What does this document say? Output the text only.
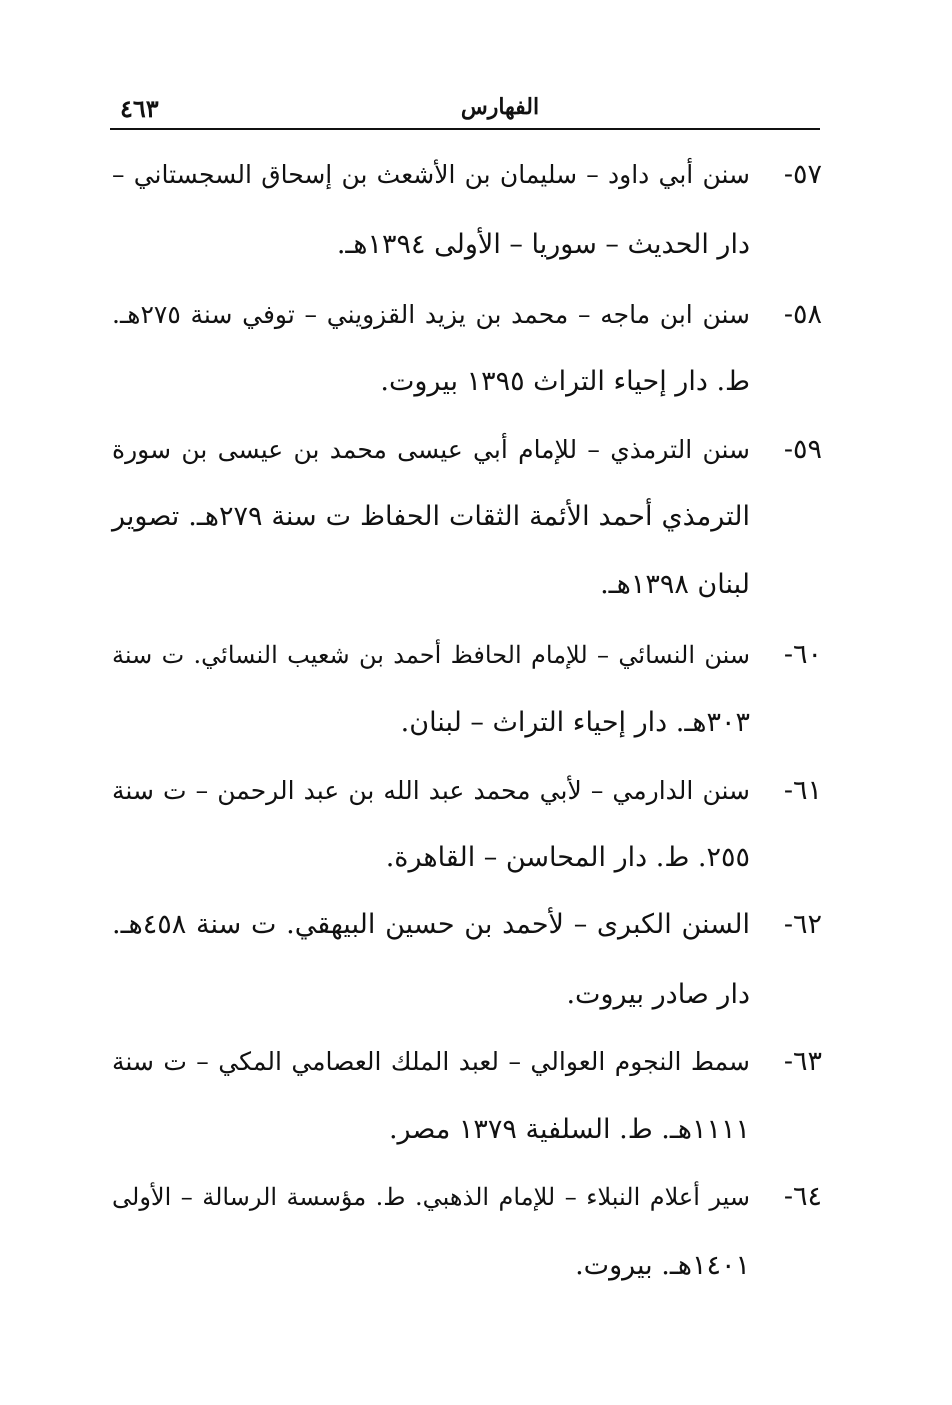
٤٦٣	الفهارس
٥٧-
سنن أبي داود – سليمان بن الأشعث بن إسحاق السجستاني –
دار الحديث – سوريا – الأولى ١٣٩٤هـ.
٥٨-
سنن ابن ماجه – محمد بن يزيد القزويني – توفي سنة ٢٧٥هـ.
ط. دار إحياء التراث ١٣٩٥ بيروت.
٥٩-
سنن الترمذي – للإمام أبي عيسى محمد بن عيسى بن سورة
الترمذي أحمد الأئمة الثقات الحفاظ ت سنة ٢٧٩هـ. تصوير
لبنان ١٣٩٨هـ.
٦٠-
سنن النسائي – للإمام الحافظ أحمد بن شعيب النسائي. ت سنة
٣٠٣هـ. دار إحياء التراث – لبنان.
٦١-
سنن الدارمي – لأبي محمد عبد الله بن عبد الرحمن – ت سنة
٢٥٥. ط. دار المحاسن – القاهرة.
٦٢-
السنن الكبرى – لأحمد بن حسين البيهقي. ت سنة ٤٥٨هـ.
دار صادر بيروت.
٦٣-
سمط النجوم العوالي – لعبد الملك العصامي المكي – ت سنة
١١١١هـ. ط. السلفية ١٣٧٩ مصر.
٦٤-
سير أعلام النبلاء – للإمام الذهبي. ط. مؤسسة الرسالة – الأولى
١٤٠١هـ. بيروت.
